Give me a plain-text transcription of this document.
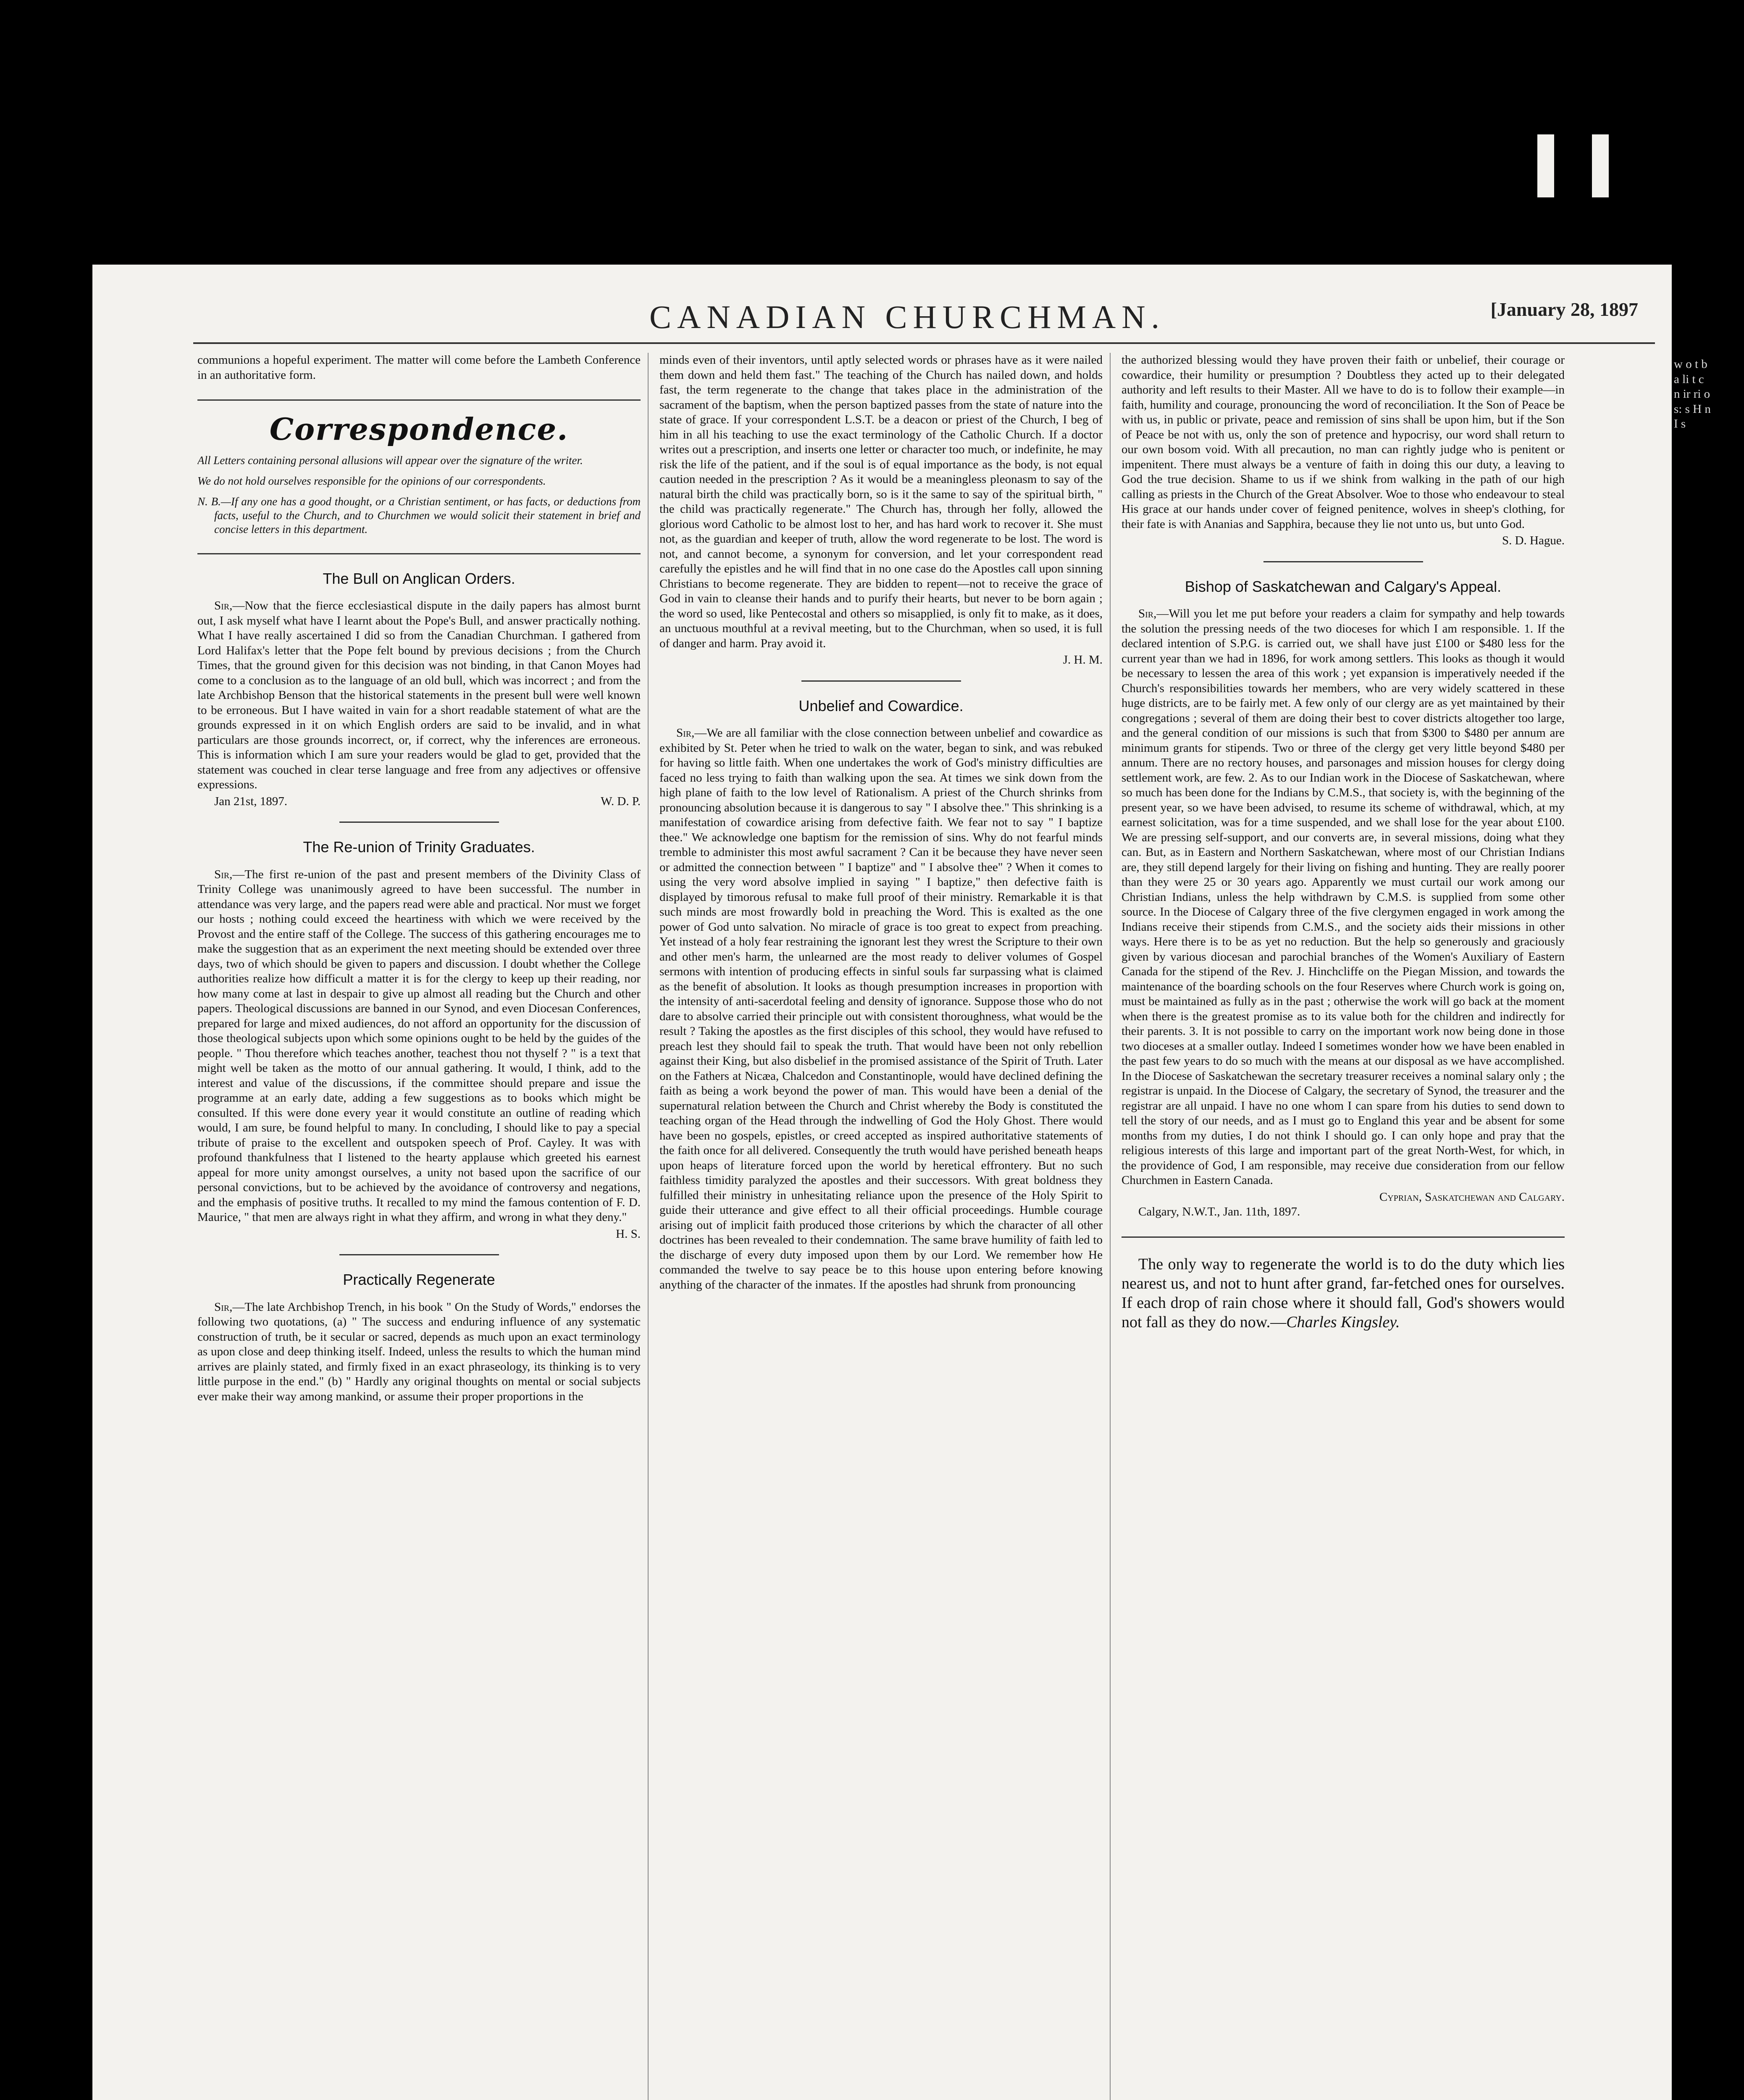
CANADIAN CHURCHMAN.	[January 28, 1897

communions a hopeful experiment. The matter will come before the Lambeth Conference in an authoritative form.

Correspondence.

All Letters containing personal allusions will appear over the signature of the writer.

We do not hold ourselves responsible for the opinions of our correspondents.

N. B.—If any one has a good thought, or a Christian sentiment, or has facts, or deductions from facts, useful to the Church, and to Churchmen we would solicit their statement in brief and concise letters in this department.

The Bull on Anglican Orders.

Sir,—Now that the fierce ecclesiastical dispute in the daily papers has almost burnt out, I ask myself what have I learnt about the Pope's Bull, and answer practically nothing. What I have really ascertained I did so from the Canadian Churchman. I gathered from Lord Halifax's letter that the Pope felt bound by previous decisions ; from the Church Times, that the ground given for this decision was not binding, in that Canon Moyes had come to a conclusion as to the language of an old bull, which was incorrect ; and from the late Archbishop Benson that the historical statements in the present bull were well known to be erroneous. But I have waited in vain for a short readable statement of what are the grounds expressed in it on which English orders are said to be invalid, and in what particulars are those grounds incorrect, or, if correct, why the inferences are erroneous. This is information which I am sure your readers would be glad to get, provided that the statement was couched in clear terse language and free from any adjectives or offensive expressions.

Jan 21st, 1897.	W. D. P.
The Re-union of Trinity Graduates.

Sir,—The first re-union of the past and present members of the Divinity Class of Trinity College was unanimously agreed to have been successful. The number in attendance was very large, and the papers read were able and practical. Nor must we forget our hosts ; nothing could exceed the heartiness with which we were received by the Provost and the entire staff of the College. The success of this gathering encourages me to make the suggestion that as an experiment the next meeting should be extended over three days, two of which should be given to papers and discussion. I doubt whether the College authorities realize how difficult a matter it is for the clergy to keep up their reading, nor how many come at last in despair to give up almost all reading but the Church and other papers. Theological discussions are banned in our Synod, and even Diocesan Conferences, prepared for large and mixed audiences, do not afford an opportunity for the discussion of those theological subjects upon which some opinions ought to be held by the guides of the people. " Thou therefore which teaches another, teachest thou not thyself ? " is a text that might well be taken as the motto of our annual gathering. It would, I think, add to the interest and value of the discussions, if the committee should prepare and issue the programme at an early date, adding a few suggestions as to books which might be consulted. If this were done every year it would constitute an outline of reading which would, I am sure, be found helpful to many. In concluding, I should like to pay a special tribute of praise to the excellent and outspoken speech of Prof. Cayley. It was with profound thankfulness that I listened to the hearty applause which greeted his earnest appeal for more unity amongst ourselves, a unity not based upon the sacrifice of our personal convictions, but to be achieved by the avoidance of controversy and negations, and the emphasis of positive truths. It recalled to my mind the famous contention of F. D. Maurice, " that men are always right in what they affirm, and wrong in what they deny."

H. S.
Practically Regenerate

Sir,—The late Archbishop Trench, in his book " On the Study of Words," endorses the following two quotations, (a) " The success and enduring influence of any systematic construction of truth, be it secular or sacred, depends as much upon an exact terminology as upon close and deep thinking itself. Indeed, unless the results to which the human mind arrives are plainly stated, and firmly fixed in an exact phraseology, its thinking is to very little purpose in the end." (b) " Hardly any original thoughts on mental or social subjects ever make their way among mankind, or assume their proper proportions in the

minds even of their inventors, until aptly selected words or phrases have as it were nailed them down and held them fast." The teaching of the Church has nailed down, and holds fast, the term regenerate to the change that takes place in the administration of the sacrament of the baptism, when the person baptized passes from the state of nature into the state of grace. If your correspondent L.S.T. be a deacon or priest of the Church, I beg of him in all his teaching to use the exact terminology of the Catholic Church. If a doctor writes out a prescription, and inserts one letter or character too much, or indefinite, he may risk the life of the patient, and if the soul is of equal importance as the body, is not equal caution needed in the prescription ? As it would be a meaningless pleonasm to say of the natural birth the child was practically born, so is it the same to say of the spiritual birth, " the child was practically regenerate." The Church has, through her folly, allowed the glorious word Catholic to be almost lost to her, and has hard work to recover it. She must not, as the guardian and keeper of truth, allow the word regenerate to be lost. The word is not, and cannot become, a synonym for conversion, and let your correspondent read carefully the epistles and he will find that in no one case do the Apostles call upon sinning Christians to become regenerate. They are bidden to repent—not to receive the grace of God in vain to cleanse their hands and to purify their hearts, but never to be born again ; the word so used, like Pentecostal and others so misapplied, is only fit to make, as it does, an unctuous mouthful at a revival meeting, but to the Churchman, when so used, it is full of danger and harm. Pray avoid it.

J. H. M.
Unbelief and Cowardice.

Sir,—We are all familiar with the close connection between unbelief and cowardice as exhibited by St. Peter when he tried to walk on the water, began to sink, and was rebuked for having so little faith. When one undertakes the work of God's ministry difficulties are faced no less trying to faith than walking upon the sea. At times we sink down from the high plane of faith to the low level of Rationalism. A priest of the Church shrinks from pronouncing absolution because it is dangerous to say " I absolve thee." This shrinking is a manifestation of cowardice arising from defective faith. We fear not to say " I baptize thee." We acknowledge one baptism for the remission of sins. Why do not fearful minds tremble to administer this most awful sacrament ? Can it be because they have never seen or admitted the connection between " I baptize" and " I absolve thee" ? When it comes to using the very word absolve implied in saying " I baptize," then defective faith is displayed by timorous refusal to make full proof of their ministry. Remarkable it is that such minds are most frowardly bold in preaching the Word. This is exalted as the one power of God unto salvation. No miracle of grace is too great to expect from preaching. Yet instead of a holy fear restraining the ignorant lest they wrest the Scripture to their own and other men's harm, the unlearned are the most ready to deliver volumes of Gospel sermons with intention of producing effects in sinful souls far surpassing what is claimed as the benefit of absolution. It looks as though presumption increases in proportion with the intensity of anti-sacerdotal feeling and density of ignorance. Suppose those who do not dare to absolve carried their principle out with consistent thoroughness, what would be the result ? Taking the apostles as the first disciples of this school, they would have refused to preach lest they should fail to speak the truth. That would have been not only rebellion against their King, but also disbelief in the promised assistance of the Spirit of Truth. Later on the Fathers at Nicæa, Chalcedon and Constantinople, would have declined defining the faith as being a work beyond the power of man. This would have been a denial of the supernatural relation between the Church and Christ whereby the Body is constituted the teaching organ of the Head through the indwelling of God the Holy Ghost. There would have been no gospels, epistles, or creed accepted as inspired authoritative statements of the faith once for all delivered. Consequently the truth would have perished beneath heaps upon heaps of literature forced upon the world by heretical effrontery. But no such faithless timidity paralyzed the apostles and their successors. With great boldness they fulfilled their ministry in unhesitating reliance upon the presence of the Holy Spirit to guide their utterance and give effect to all their official proceedings. Humble courage arising out of implicit faith produced those criterions by which the character of all other doctrines has been revealed to their condemnation. The same brave humility of faith led to the discharge of every duty imposed upon them by our Lord. We remember how He commanded the twelve to say peace be to this house upon entering before knowing anything of the character of the inmates. If the apostles had shrunk from pronouncing

the authorized blessing would they have proven their faith or unbelief, their courage or cowardice, their humility or presumption ? Doubtless they acted up to their delegated authority and left results to their Master. All we have to do is to follow their example—in faith, humility and courage, pronouncing the word of reconciliation. It the Son of Peace be with us, in public or private, peace and remission of sins shall be upon him, but if the Son of Peace be not with us, only the son of pretence and hypocrisy, our word shall return to our own bosom void. With all precaution, no man can rightly judge who is penitent or impenitent. There must always be a venture of faith in doing this our duty, a leaving to God the true decision. Shame to us if we shink from walking in the path of our high calling as priests in the Church of the Great Absolver. Woe to those who endeavour to steal His grace at our hands under cover of feigned penitence, wolves in sheep's clothing, for their fate is with Ananias and Sapphira, because they lie not unto us, but unto God.

S. D. Hague.
Bishop of Saskatchewan and Calgary's Appeal.

Sir,—Will you let me put before your readers a claim for sympathy and help towards the solution the pressing needs of the two dioceses for which I am responsible. 1. If the declared intention of S.P.G. is carried out, we shall have just £100 or $480 less for the current year than we had in 1896, for work among settlers. This looks as though it would be necessary to lessen the area of this work ; yet expansion is imperatively needed if the Church's responsibilities towards her members, who are very widely scattered in these huge districts, are to be fairly met. A few only of our clergy are as yet maintained by their congregations ; several of them are doing their best to cover districts altogether too large, and the general condition of our missions is such that from $300 to $480 per annum are minimum grants for stipends. Two or three of the clergy get very little beyond $480 per annum. There are no rectory houses, and parsonages and mission houses for clergy doing settlement work, are few. 2. As to our Indian work in the Diocese of Saskatchewan, where so much has been done for the Indians by C.M.S., that society is, with the beginning of the present year, so we have been advised, to resume its scheme of withdrawal, which, at my earnest solicitation, was for a time suspended, and we shall lose for the year about £100. We are pressing self-support, and our converts are, in several missions, doing what they can. But, as in Eastern and Northern Saskatchewan, where most of our Christian Indians are, they still depend largely for their living on fishing and hunting. They are really poorer than they were 25 or 30 years ago. Apparently we must curtail our work among our Christian Indians, unless the help withdrawn by C.M.S. is supplied from some other source. In the Diocese of Calgary three of the five clergymen engaged in work among the Indians receive their stipends from C.M.S., and the society aids their missions in other ways. Here there is to be as yet no reduction. But the help so generously and graciously given by various diocesan and parochial branches of the Women's Auxiliary of Eastern Canada for the stipend of the Rev. J. Hinchcliffe on the Piegan Mission, and towards the maintenance of the boarding schools on the four Reserves where Church work is going on, must be maintained as fully as in the past ; otherwise the work will go back at the moment when there is the greatest promise as to its value both for the children and indirectly for their parents. 3. It is not possible to carry on the important work now being done in those two dioceses at a smaller outlay. Indeed I sometimes wonder how we have been enabled in the past few years to do so much with the means at our disposal as we have accomplished. In the Diocese of Saskatchewan the secretary treasurer receives a nominal salary only ; the registrar is unpaid. In the Diocese of Calgary, the secretary of Synod, the treasurer and the registrar are all unpaid. I have no one whom I can spare from his duties to send down to tell the story of our needs, and as I must go to England this year and be absent for some months from my duties, I do not think I should go. I can only hope and pray that the religious interests of this large and important part of the great North-West, for which, in the providence of God, I am responsible, may receive due consideration from our fellow Churchmen in Eastern Canada.

Cyprian, Saskatchewan and Calgary.

Calgary, N.W.T., Jan. 11th, 1897.

The only way to regenerate the world is to do the duty which lies nearest us, and not to hunt after grand, far-fetched ones for ourselves. If each drop of rain chose where it should fall, God's showers would not fall as they do now.—Charles Kingsley.

w o t b a li t c n ir ri o s: s H n I s
